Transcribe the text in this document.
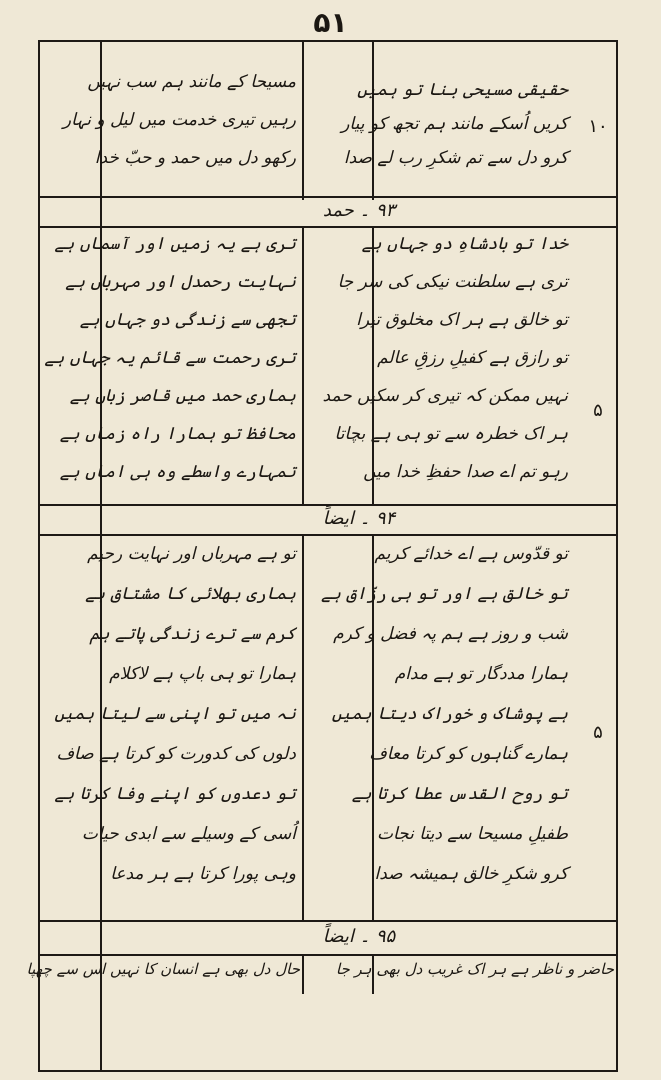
۵۱
۱۰
حقیقی مسیحی بنا تو ہمیں
کریں اُسکے مانند ہم تجھ کو پیار
کرو دل سے تم شکرِ رب لے صدا
مسیحا کے مانند ہم سب نہیں
رہیں تیری خدمت میں لیل و نہار
رکھو دل میں حمد و حبّ خدا
۹۳ ۔ حمد
۵
خدا تو بادشاہِ دو جہاں ہے
تری ہے سلطنت نیکی کی سر جا
تو خالق ہے ہر اک مخلوق تیرا
تو رازق ہے کفیلِ رزقِ عالم
نہیں ممکن کہ تیری کر سکیں حمد
ہر اک خطرہ سے تو ہی ہے بچاتا
رہو تم اے صدا حفظِ خدا میں
تری ہے یہ زمیں اور آسماں ہے
نہایت رحمدل اور مہرباں ہے
تجھی سے زندگی دو جہاں ہے
تری رحمت سے قائم یہ جہاں ہے
ہماری حمد میں قاصر زباں ہے
محافظ تو ہمارا راہ زماں ہے
تمہارے واسطے وہ ہی اماں ہے
۹۴ ۔ ایضاً
۵
تو قدّوس ہے اے خدائے کریم
تو خالق ہے اور تو ہی رزّاق ہے
شب و روز ہے ہم پہ فضل و کرم
ہمارا مددگار تو ہے مدام
ہے پوشاک و خوراک دیتا ہمیں
ہمارے گناہوں کو کرتا معاف
تو روح القدس عطا کرتا ہے
طفیلِ مسیحا سے دیتا نجات
کرو شکرِ خالق ہمیشہ صدا
تو ہے مہرباں اور نہایت رحیم
ہماری بھلائی کا مشتاق ہے
کرم سے ترے زندگی پاتے ہم
ہمارا تو ہی باپ ہے لاکلام
نہ میں تو اپنی سے لیتا ہمیں
دلوں کی کدورت کو کرتا ہے صاف
تو دعدوں کو اپنے وفا کرتا ہے
اُسی کے وسیلے سے ابدی حیات
وہی پورا کرتا ہے ہر مدعا
۹۵ ۔ ایضاً
حاضر و ناظر ہے ہر اک غریب دل بھی ہر جا
حال دل بھی ہے انسان کا نہیں اس سے چھپا
